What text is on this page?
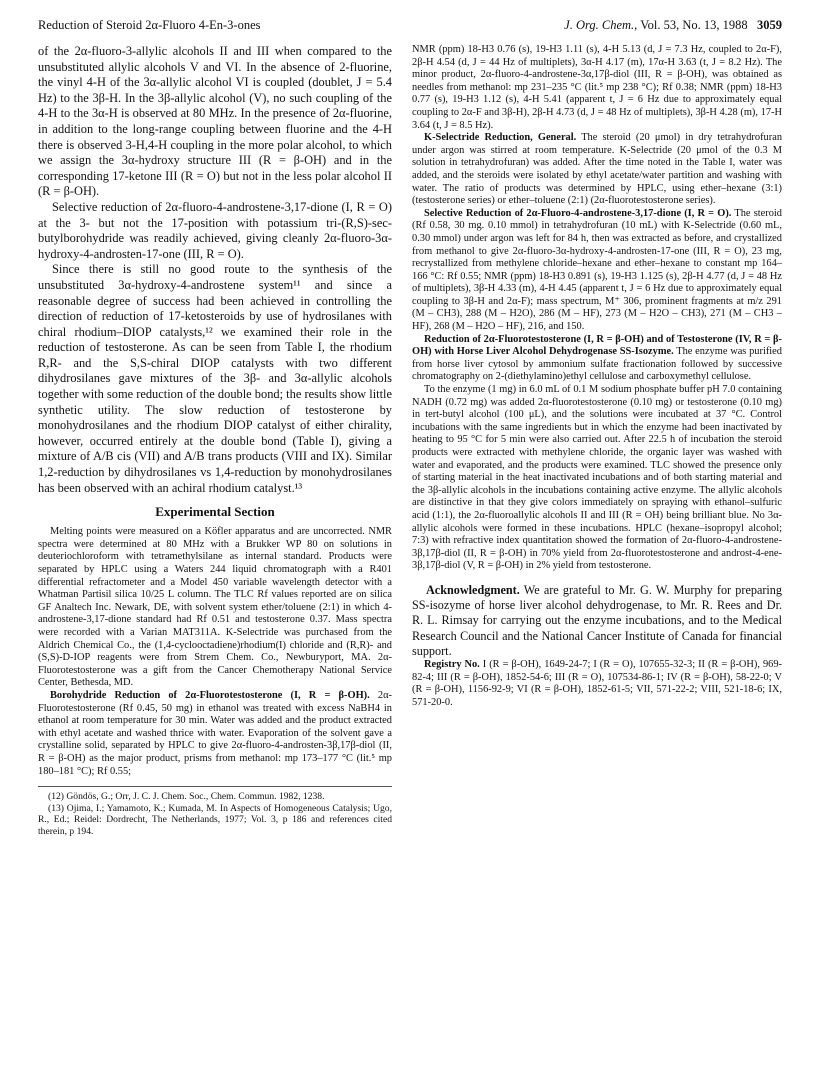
Reduction of Steroid 2α-Fluoro 4-En-3-ones	J. Org. Chem., Vol. 53, No. 13, 1988 3059

of the 2α-fluoro-3-allylic alcohols II and III when compared to the unsubstituted allylic alcohols V and VI. In the absence of 2-fluorine, the vinyl 4-H of the 3α-allylic alcohol VI is coupled (doublet, J = 5.4 Hz) to the 3β-H. In the 3β-allylic alcohol (V), no such coupling of the 4-H to the 3α-H is observed at 80 MHz. In the presence of 2α-fluorine, in addition to the long-range coupling between fluorine and the 4-H there is observed 3-H,4-H coupling in the more polar alcohol, to which we assign the 3α-hydroxy structure III (R = β-OH) and in the corresponding 17-ketone III (R = O) but not in the less polar alcohol II (R = β-OH).

Selective reduction of 2α-fluoro-4-androstene-3,17-dione (I, R = O) at the 3- but not the 17-position with potassium tri-(R,S)-sec-butylborohydride was readily achieved, giving cleanly 2α-fluoro-3α-hydroxy-4-androsten-17-one (III, R = O).

Since there is still no good route to the synthesis of the unsubstituted 3α-hydroxy-4-androstene system¹¹ and since a reasonable degree of success had been achieved in controlling the direction of reduction of 17-ketosteroids by use of hydrosilanes with chiral rhodium–DIOP catalysts,¹² we examined their role in the reduction of testosterone. As can be seen from Table I, the rhodium R,R- and the S,S-chiral DIOP catalysts with two different dihydrosilanes gave mixtures of the 3β- and 3α-allylic alcohols together with some reduction of the double bond; the results show little synthetic utility. The slow reduction of testosterone by monohydrosilanes and the rhodium DIOP catalyst of either chirality, however, occurred entirely at the double bond (Table I), giving a mixture of A/B cis (VII) and A/B trans products (VIII and IX). Similar 1,2-reduction by dihydrosilanes vs 1,4-reduction by monohydrosilanes has been observed with an achiral rhodium catalyst.¹³

Experimental Section

Melting points were measured on a Köfler apparatus and are uncorrected. NMR spectra were determined at 80 MHz with a Brukker WP 80 on solutions in deuteriochloroform with tetramethylsilane as internal standard. Products were separated by HPLC using a Waters 244 liquid chromatograph with a R401 differential refractometer and a Model 450 variable wavelength detector with a Whatman Partisil silica 10/25 L column. The TLC Rf values reported are on silica GF Analtech Inc. Newark, DE, with solvent system ether/toluene (2:1) in which 4-androstene-3,17-dione standard had Rf 0.51 and testosterone 0.37. Mass spectra were recorded with a Varian MAT311A. K-Selectride was purchased from the Aldrich Chemical Co., the (1,4-cyclooctadiene)rhodium(I) chloride and (R,R)- and (S,S)-D-IOP reagents were from Strem Chem. Co., Newburyport, MA. 2α-Fluorotestosterone was a gift from the Cancer Chemotherapy National Service Center, Bethesda, MD.

Borohydride Reduction of 2α-Fluorotestosterone (I, R = β-OH). 2α-Fluorotestosterone (Rf 0.45, 50 mg) in ethanol was treated with excess NaBH4 in ethanol at room temperature for 30 min. Water was added and the product extracted with ethyl acetate and washed thrice with water. Evaporation of the solvent gave a crystalline solid, separated by HPLC to give 2α-fluoro-4-androsten-3β,17β-diol (II, R = β-OH) as the major product, prisms from methanol: mp 173–177 °C (lit.⁵ mp 180–181 °C); Rf 0.55;

(12) Göndös, G.; Orr, J. C. J. Chem. Soc., Chem. Commun. 1982, 1238.

(13) Ojima, I.; Yamamoto, K.; Kumada, M. In Aspects of Homogeneous Catalysis; Ugo, R., Ed.; Reidel: Dordrecht, The Netherlands, 1977; Vol. 3, p 186 and references cited therein, p 194.

NMR (ppm) 18-H3 0.76 (s), 19-H3 1.11 (s), 4-H 5.13 (d, J = 7.3 Hz, coupled to 2α-F), 2β-H 4.54 (d, J = 44 Hz of multiplets), 3α-H 4.17 (m), 17α-H 3.63 (t, J = 8.2 Hz). The minor product, 2α-fluoro-4-androstene-3α,17β-diol (III, R = β-OH), was obtained as needles from methanol: mp 231–235 °C (lit.⁵ mp 238 °C); Rf 0.38; NMR (ppm) 18-H3 0.77 (s), 19-H3 1.12 (s), 4-H 5.41 (apparent t, J = 6 Hz due to approximately equal coupling to 2α-F and 3β-H), 2β-H 4.73 (d, J = 48 Hz of multiplets), 3β-H 4.28 (m), 17-H 3.64 (t, J = 8.5 Hz).

K-Selectride Reduction, General. The steroid (20 μmol) in dry tetrahydrofuran under argon was stirred at room temperature. K-Selectride (20 μmol of the 0.3 M solution in tetrahydrofuran) was added. After the time noted in the Table I, water was added, and the steroids were isolated by ethyl acetate/water partition and washing with water. The ratio of products was determined by HPLC, using ether–hexane (3:1) (testosterone series) or ether–toluene (2:1) (2α-fluorotestosterone series).

Selective Reduction of 2α-Fluoro-4-androstene-3,17-dione (I, R = O). The steroid (Rf 0.58, 30 mg. 0.10 mmol) in tetrahydrofuran (10 mL) with K-Selectride (0.60 mL, 0.30 mmol) under argon was left for 84 h, then was extracted as before, and crystallized from methanol to give 2α-fluoro-3α-hydroxy-4-androsten-17-one (III, R = O), 23 mg, recrystallized from methylene chloride–hexane and ether–hexane to constant mp 164–166 °C: Rf 0.55; NMR (ppm) 18-H3 0.891 (s), 19-H3 1.125 (s), 2β-H 4.77 (d, J = 48 Hz of multiplets), 3β-H 4.33 (m), 4-H 4.45 (apparent t, J = 6 Hz due to approximately equal coupling to 3β-H and 2α-F); mass spectrum, M⁺ 306, prominent fragments at m/z 291 (M – CH3), 288 (M – H2O), 286 (M – HF), 273 (M – H2O – CH3), 271 (M – CH3 – HF), 268 (M – H2O – HF), 216, and 150.

Reduction of 2α-Fluorotestosterone (I, R = β-OH) and of Testosterone (IV, R = β-OH) with Horse Liver Alcohol Dehydrogenase SS-Isozyme. The enzyme was purified from horse liver cytosol by ammonium sulfate fractionation followed by successive chromatography on 2-(diethylamino)ethyl cellulose and carboxymethyl cellulose.

To the enzyme (1 mg) in 6.0 mL of 0.1 M sodium phosphate buffer pH 7.0 containing NADH (0.72 mg) was added 2α-fluorotestosterone (0.10 mg) or testosterone (0.10 mg) in tert-butyl alcohol (100 μL), and the solutions were incubated at 37 °C. Control incubations with the same ingredients but in which the enzyme had been inactivated by heating to 95 °C for 5 min were also carried out. After 22.5 h of incubation the steroid products were extracted with methylene chloride, the organic layer was washed with water and evaporated, and the products were examined. TLC showed the presence only of starting material in the heat inactivated incubations and of both starting material and the 3β-allylic alcohols in the incubations containing active enzyme. The allylic alcohols are distinctive in that they give colors immediately on spraying with ethanol–sulfuric acid (1:1), the 2α-fluoroallylic alcohols II and III (R = OH) being brilliant blue. No 3α-allylic alcohols were formed in these incubations. HPLC (hexane–isopropyl alcohol; 7:3) with refractive index quantitation showed the formation of 2α-fluoro-4-androstene-3β,17β-diol (II, R = β-OH) in 70% yield from 2α-fluorotestosterone and androst-4-ene-3β,17β-diol (V, R = β-OH) in 2% yield from testosterone.

Acknowledgment. We are grateful to Mr. G. W. Murphy for preparing SS-isozyme of horse liver alcohol dehydrogenase, to Mr. R. Rees and Dr. R. L. Rimsay for carrying out the enzyme incubations, and to the Medical Research Council and the National Cancer Institute of Canada for financial support.

Registry No. I (R = β-OH), 1649-24-7; I (R = O), 107655-32-3; II (R = β-OH), 969-82-4; III (R = β-OH), 1852-54-6; III (R = O), 107534-86-1; IV (R = β-OH), 58-22-0; V (R = β-OH), 1156-92-9; VI (R = β-OH), 1852-61-5; VII, 571-22-2; VIII, 521-18-6; IX, 571-20-0.
